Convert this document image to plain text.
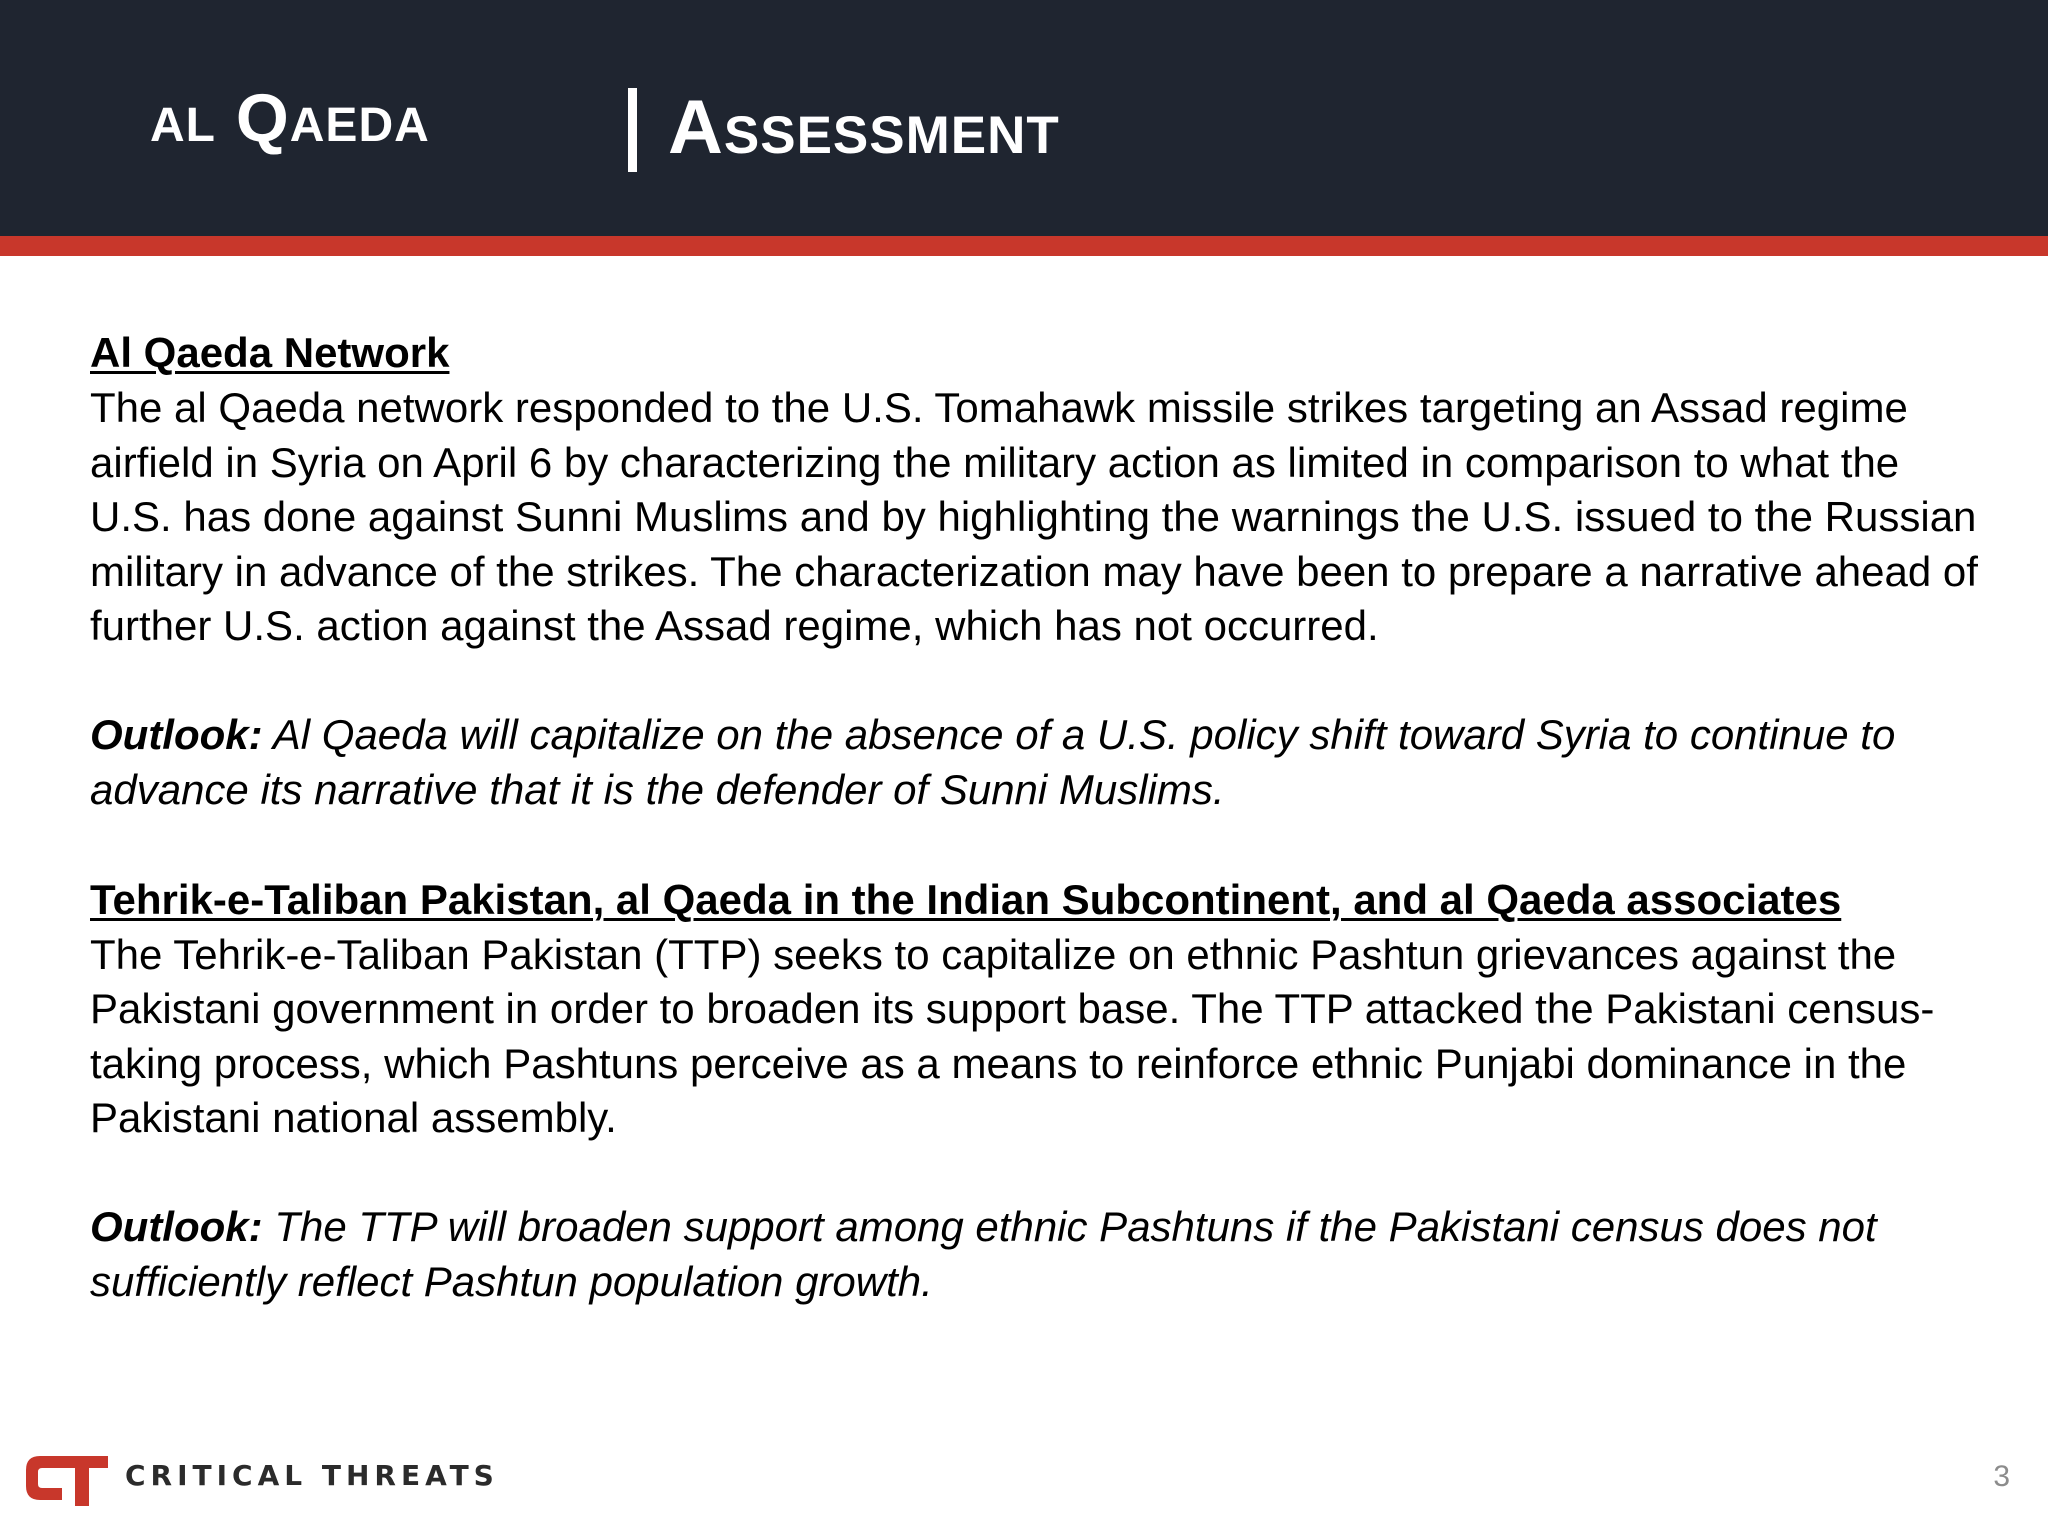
al Qaeda	Assessment

Al Qaeda Network

The al Qaeda network responded to the U.S. Tomahawk missile strikes targeting an Assad regime airfield in Syria on April 6 by characterizing the military action as limited in comparison to what the U.S. has done against Sunni Muslims and by highlighting the warnings the U.S. issued to the Russian military in advance of the strikes. The characterization may have been to prepare a narrative ahead of further U.S. action against the Assad regime, which has not occurred.

Outlook: Al Qaeda will capitalize on the absence of a U.S. policy shift toward Syria to continue to advance its narrative that it is the defender of Sunni Muslims.

Tehrik-e-Taliban Pakistan, al Qaeda in the Indian Subcontinent, and al Qaeda associates

The Tehrik-e-Taliban Pakistan (TTP) seeks to capitalize on ethnic Pashtun grievances against the Pakistani government in order to broaden its support base. The TTP attacked the Pakistani census-taking process, which Pashtuns perceive as a means to reinforce ethnic Punjabi dominance in the Pakistani national assembly.

Outlook: The TTP will broaden support among ethnic Pashtuns if the Pakistani census does not sufficiently reflect Pashtun population growth.

CRITICAL THREATS	3
